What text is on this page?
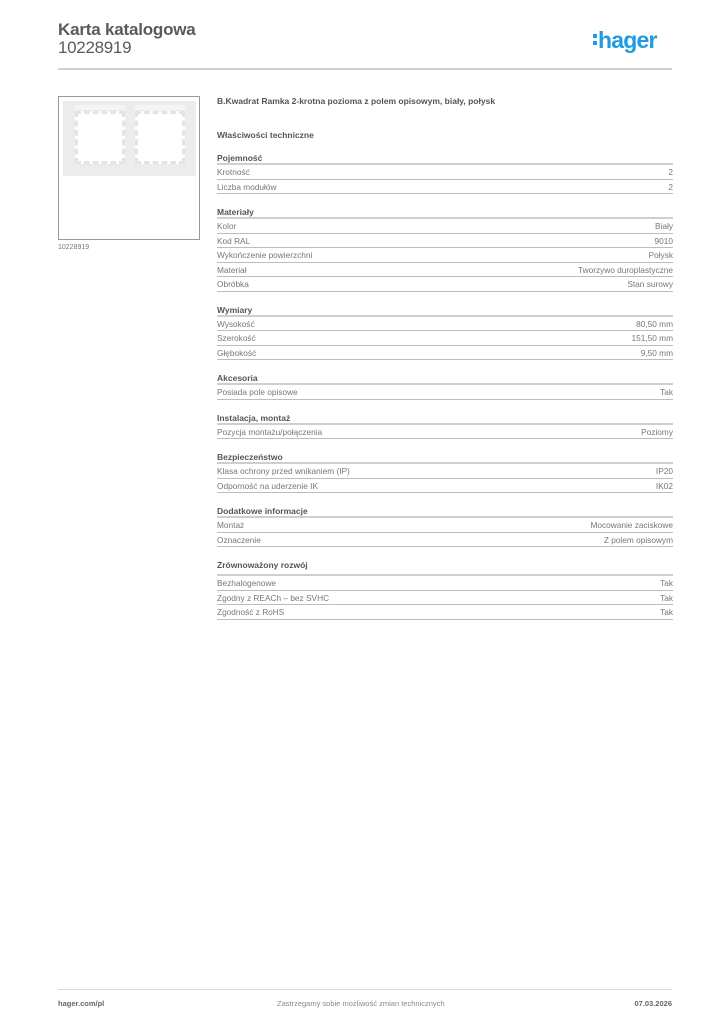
Karta katalogowa
10228919	hager
10228919
B.Kwadrat Ramka 2-krotna pozioma z polem opisowym, biały, połysk
Właściwości techniczne
Pojemność
Krotność	2
Liczba modułów	2
Materiały
Kolor	Biały
Kod RAL	9010
Wykończenie powierzchni	Połysk
Materiał	Tworzywo duroplastyczne
Obróbka	Stan surowy
Wymiary
Wysokość	80,50 mm
Szerokość	151,50 mm
Głębokość	9,50 mm
Akcesoria
Posiada pole opisowe	Tak
Instalacja, montaż
Pozycja montażu/połączenia	Poziomy
Bezpieczeństwo
Klasa ochrony przed wnikaniem (IP)	IP20
Odporność na uderzenie IK	IK02
Dodatkowe informacje
Montaż	Mocowanie zaciskowe
Oznaczenie	Z polem opisowym
Zrównoważony rozwój
Bezhalogenowe	Tak
Zgodny z REACh – bez SVHC	Tak
Zgodność z RoHS	Tak
hager.com/pl	Zastrzegamy sobie możliwość zmian technicznych	07.03.2026
